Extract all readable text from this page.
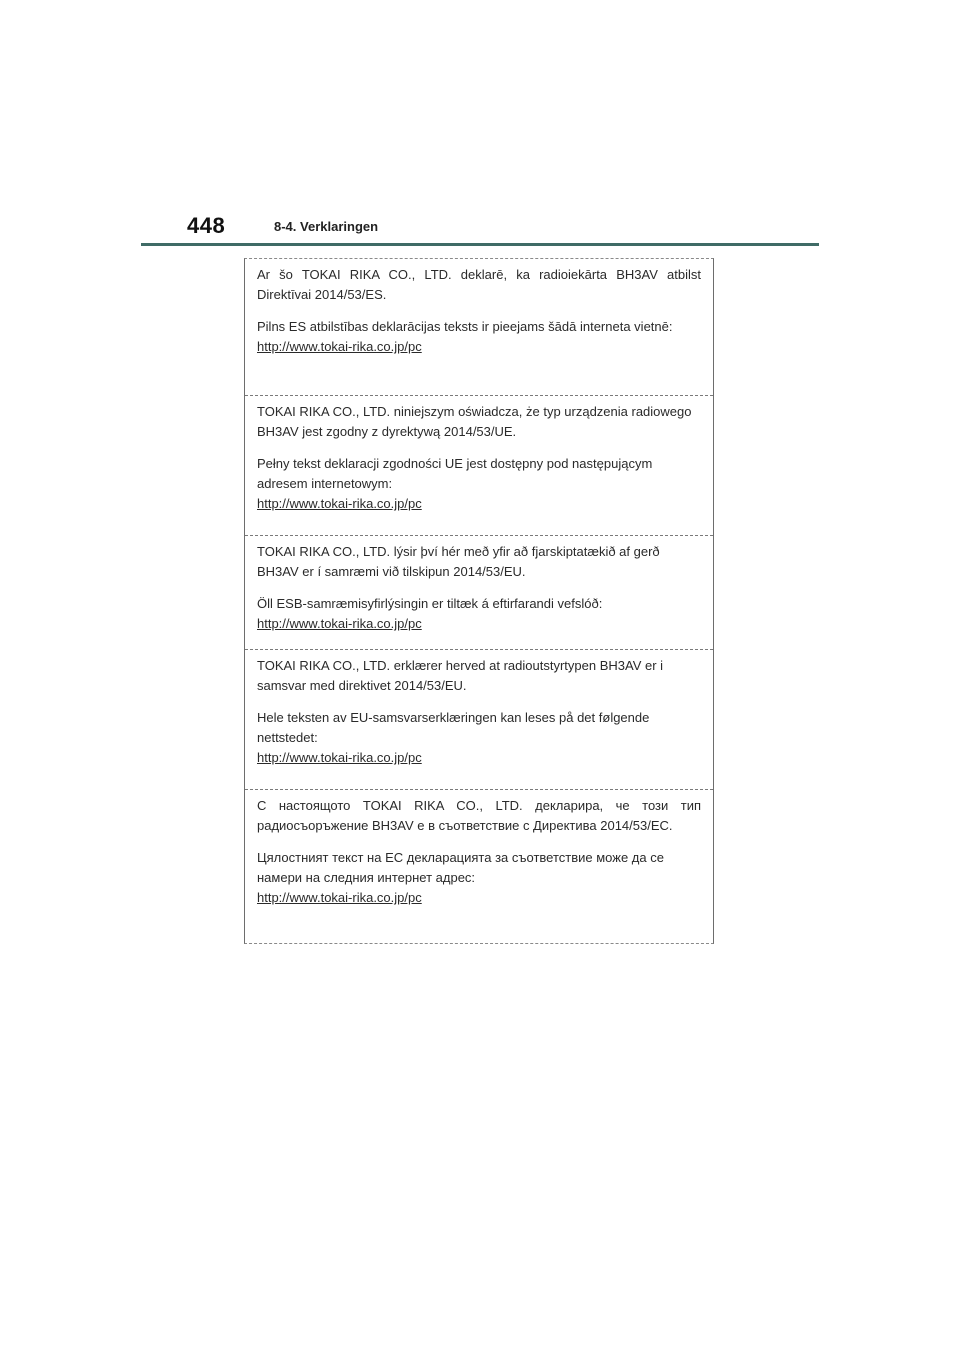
448	8-4. Verklaringen

Ar šo TOKAI RIKA CO., LTD. deklarē, ka radioiekārta BH3AV atbilst Direktīvai 2014/53/ES.

Pilns ES atbilstības deklarācijas teksts ir pieejams šādā interneta vietnē:

http://www.tokai-rika.co.jp/pc

TOKAI RIKA CO., LTD. niniejszym oświadcza, że typ urządzenia radiowego BH3AV jest zgodny z dyrektywą 2014/53/UE.

Pełny tekst deklaracji zgodności UE jest dostępny pod następującym adresem internetowym:

http://www.tokai-rika.co.jp/pc

TOKAI RIKA CO., LTD. lýsir því hér með yfir að fjarskiptatækið af gerð BH3AV er í samræmi við tilskipun 2014/53/EU.

Öll ESB-samræmisyfirlýsingin er tiltæk á eftirfarandi vefslóð:

http://www.tokai-rika.co.jp/pc

TOKAI RIKA CO., LTD. erklærer herved at radioutstyrtypen BH3AV er i samsvar med direktivet 2014/53/EU.

Hele teksten av EU-samsvarserklæringen kan leses på det følgende nettstedet:

http://www.tokai-rika.co.jp/pc

С настоящото TOKAI RIKA CO., LTD. декларира, че този тип радиосъоръжение BH3AV е в съответствие с Директива 2014/53/ЕС.

Цялостният текст на ЕС декларацията за съответствие може да се намери на следния интернет адрес:

http://www.tokai-rika.co.jp/pc
